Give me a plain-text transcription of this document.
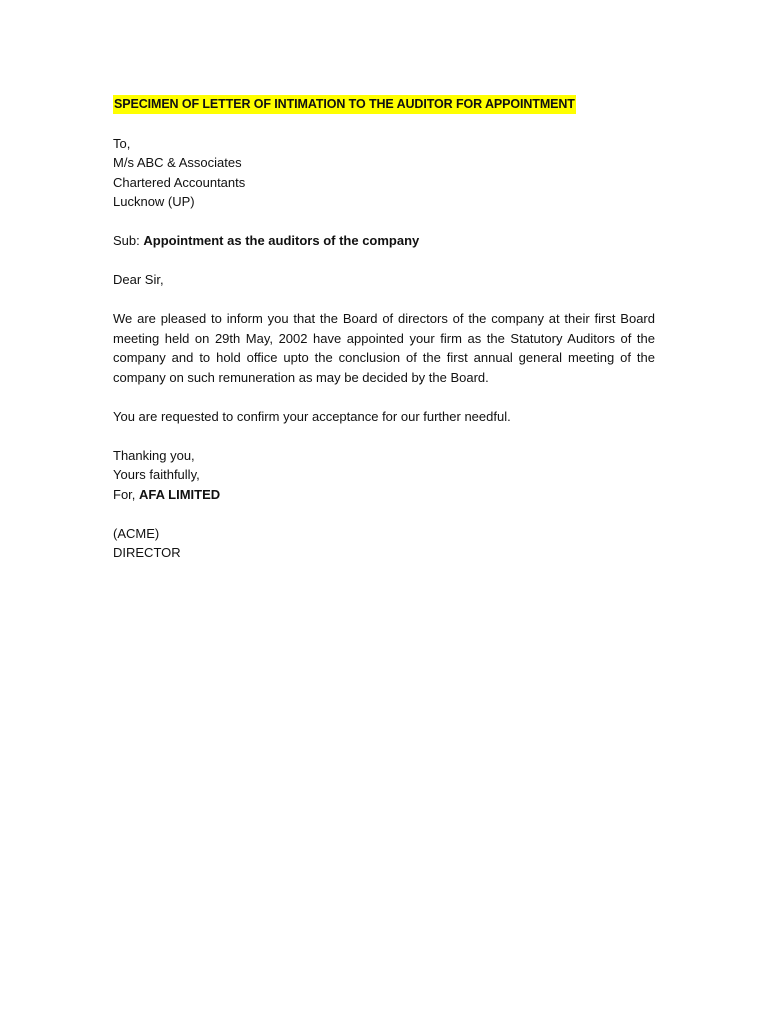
SPECIMEN OF LETTER OF INTIMATION TO THE AUDITOR FOR APPOINTMENT
To,
M/s ABC & Associates
Chartered Accountants
Lucknow (UP)
Sub: Appointment as the auditors of the company
Dear Sir,
We are pleased to inform you that the Board of directors of the company at their first Board meeting held on 29th May, 2002 have appointed your firm as the Statutory Auditors of the company and to hold office upto the conclusion of the first annual general meeting of the company on such remuneration as may be decided by the Board.
You are requested to confirm your acceptance for our further needful.
Thanking you,
Yours faithfully,
For, AFA LIMITED
(ACME)
DIRECTOR
